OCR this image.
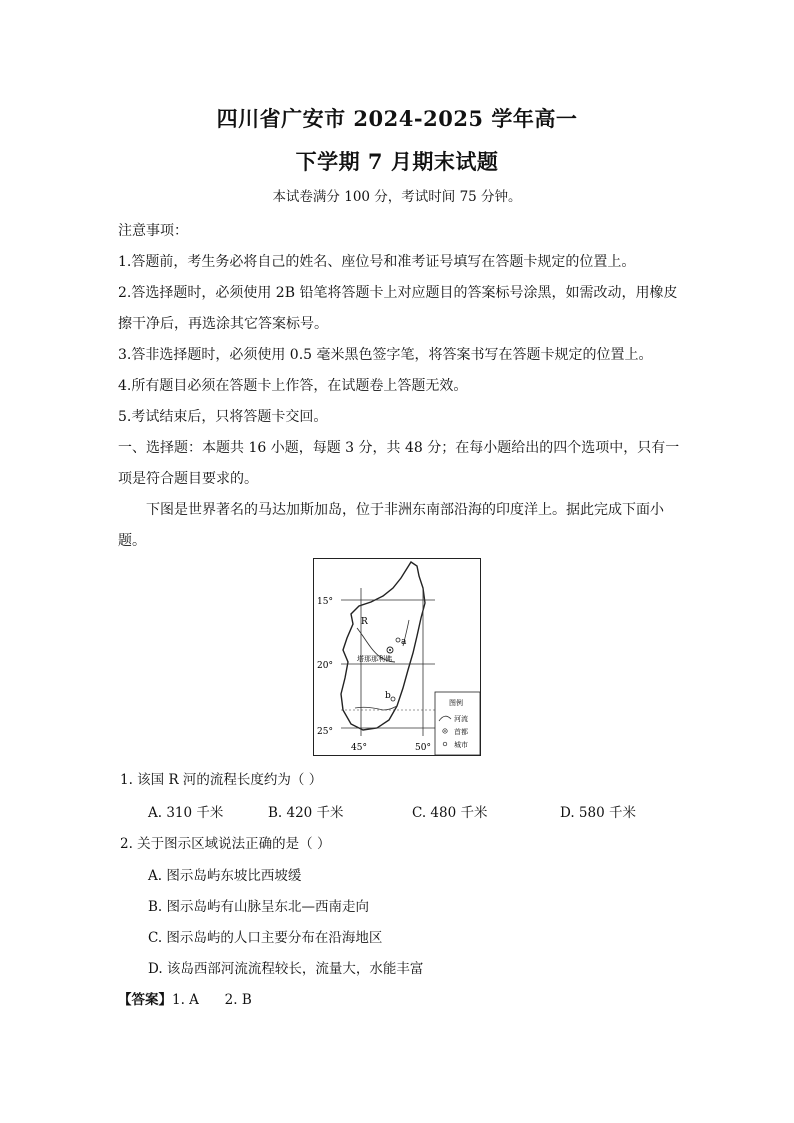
四川省广安市 2024-2025 学年高一
下学期 7 月期末试题
本试卷满分 100 分，考试时间 75 分钟。
注意事项：
1.答题前，考生务必将自己的姓名、座位号和准考证号填写在答题卡规定的位置上。
2.答选择题时，必须使用 2B 铅笔将答题卡上对应题目的答案标号涂黑，如需改动，用橡皮
擦干净后，再选涂其它答案标号。
3.答非选择题时，必须使用 0.5 毫米黑色签字笔，将答案书写在答题卡规定的位置上。
4.所有题目必须在答题卡上作答，在试题卷上答题无效。
5.考试结束后，只将答题卡交回。
一、选择题：本题共 16 小题，每题 3 分，共 48 分；在每小题给出的四个选项中，只有一
项是符合题目要求的。
下图是世界著名的马达加斯加岛，位于非洲东南部沿海的印度洋上。据此完成下面小
题。
15°
20°
25°
45°	50°
R
a
b
塔那那利佛
图例
河流
首都
城市
1. 该国 R 河的流程长度约为（ ）
A. 310 千米	B. 420 千米	C. 480 千米	D. 580 千米
2. 关于图示区域说法正确的是（ ）
A. 图示岛屿东坡比西坡缓
B. 图示岛屿有山脉呈东北—西南走向
C. 图示岛屿的人口主要分布在沿海地区
D. 该岛西部河流流程较长，流量大，水能丰富
【答案】1. A      2. B
